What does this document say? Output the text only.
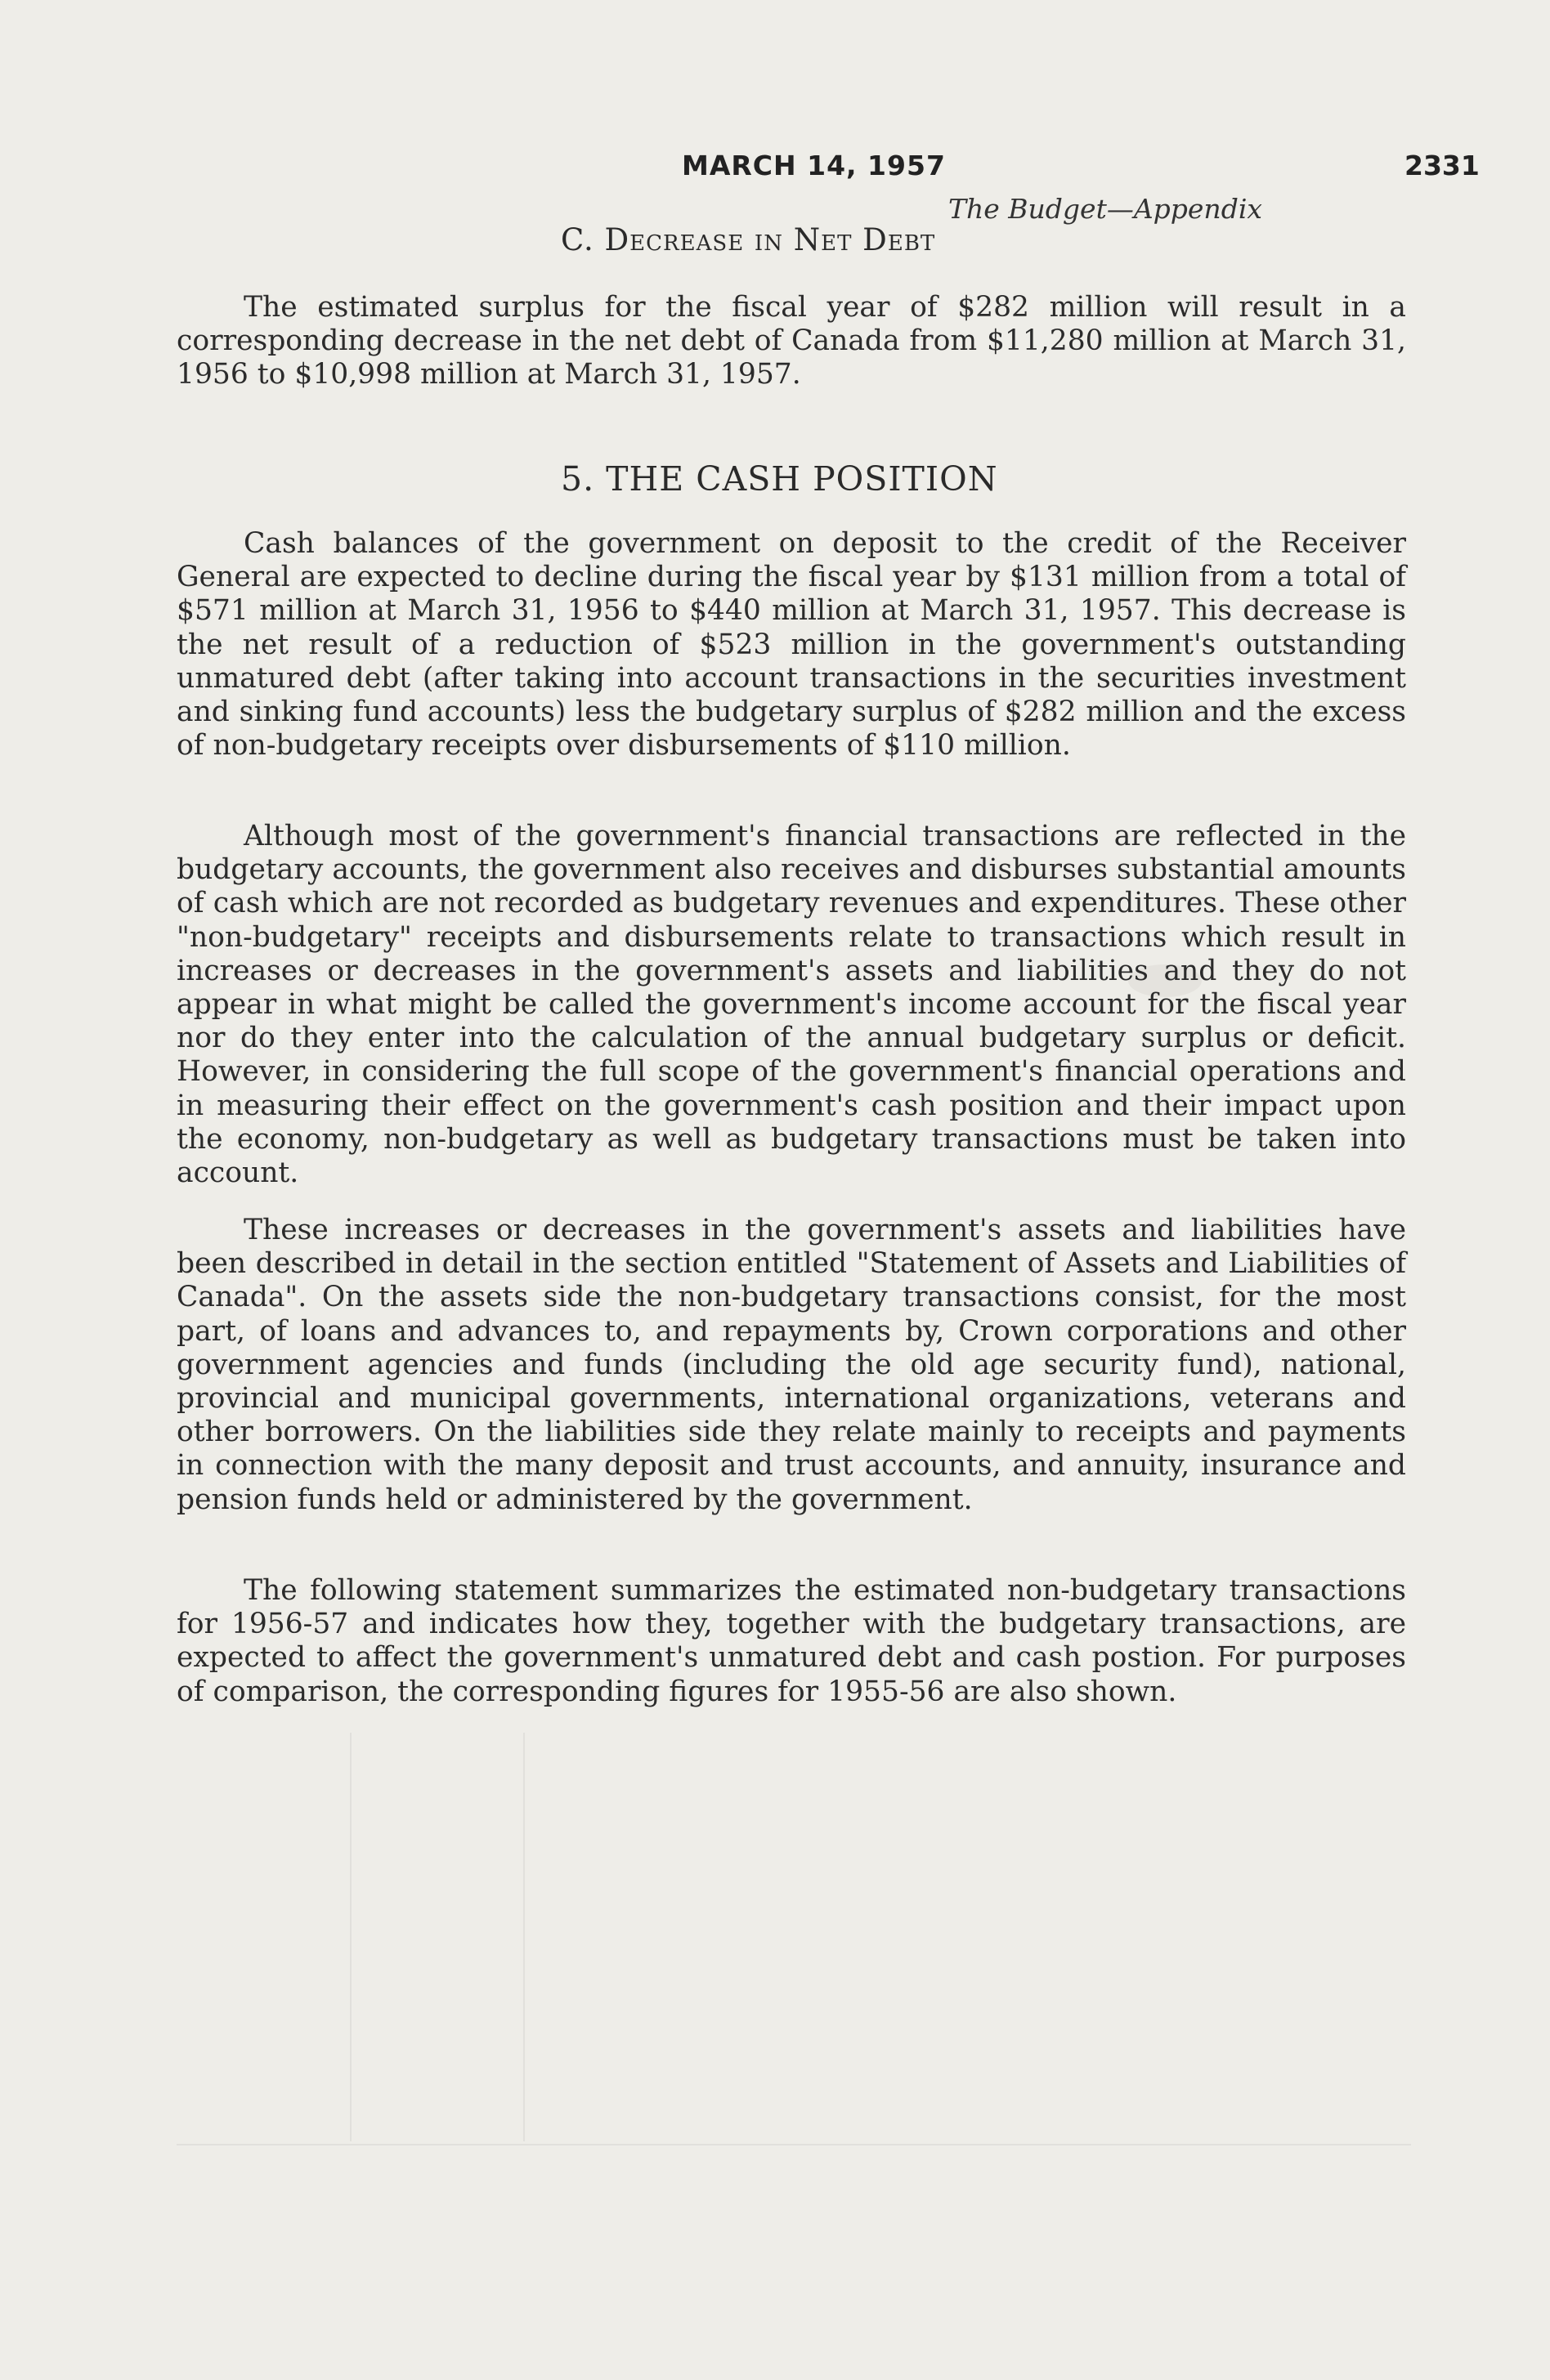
MARCH 14, 1957	2331
The Budget—Appendix
C. Decrease in Net Debt

The estimated surplus for the fiscal year of $282 million will result in a corresponding decrease in the net debt of Canada from $11,280 million at March 31, 1956 to $10,998 million at March 31, 1957.

5. THE CASH POSITION

Cash balances of the government on deposit to the credit of the Receiver General are expected to decline during the fiscal year by $131 million from a total of $571 million at March 31, 1956 to $440 million at March 31, 1957. This decrease is the net result of a reduction of $523 million in the government's outstanding unmatured debt (after taking into account transactions in the securities investment and sinking fund accounts) less the budgetary surplus of $282 million and the excess of non-budgetary receipts over disbursements of $110 million.

Although most of the government's financial transactions are reflected in the budgetary accounts, the government also receives and disburses substantial amounts of cash which are not recorded as budgetary revenues and expenditures. These other "non-budgetary" receipts and disbursements relate to transactions which result in increases or decreases in the government's assets and liabilities and they do not appear in what might be called the government's income account for the fiscal year nor do they enter into the calculation of the annual budgetary surplus or deficit. However, in considering the full scope of the government's financial operations and in measuring their effect on the government's cash position and their impact upon the economy, non-budgetary as well as budgetary transactions must be taken into account.

These increases or decreases in the government's assets and liabilities have been described in detail in the section entitled "Statement of Assets and Liabilities of Canada". On the assets side the non-budgetary transactions consist, for the most part, of loans and advances to, and repayments by, Crown corporations and other government agencies and funds (including the old age security fund), national, provincial and municipal governments, international organizations, veterans and other borrowers. On the liabilities side they relate mainly to receipts and payments in connection with the many deposit and trust accounts, and annuity, insurance and pension funds held or administered by the government.

The following statement summarizes the estimated non-budgetary transactions for 1956-57 and indicates how they, together with the budgetary transactions, are expected to affect the government's unmatured debt and cash postion. For purposes of comparison, the corresponding figures for 1955-56 are also shown.
